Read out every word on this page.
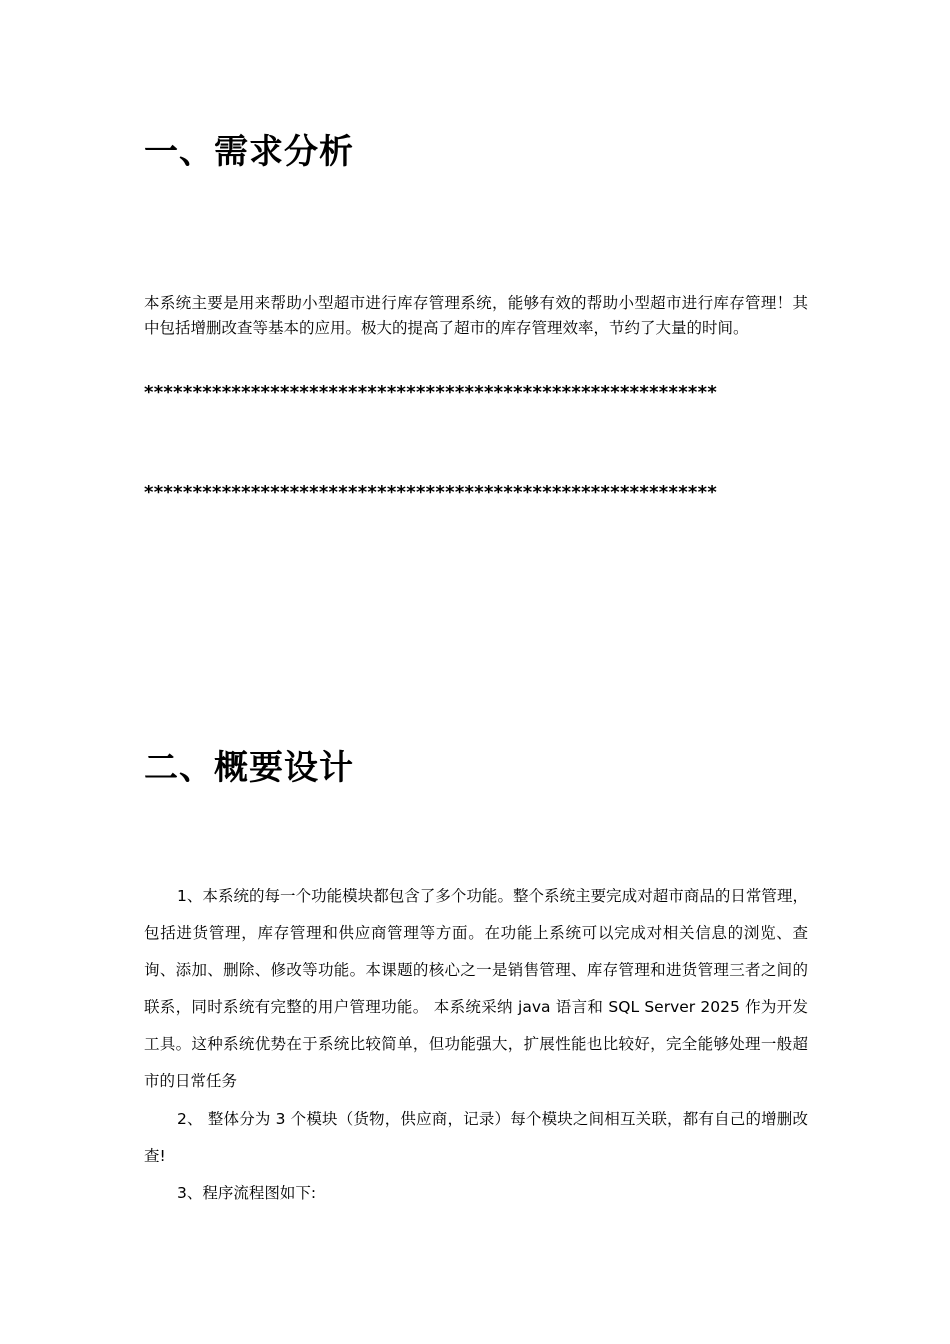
一、需求分析

本系统主要是用来帮助小型超市进行库存管理系统，能够有效的帮助小型超市进行库存管理！其中包括增删改查等基本的应用。极大的提高了超市的库存管理效率，节约了大量的时间。

***********************************************************

***********************************************************

二、概要设计

1、本系统的每一个功能模块都包含了多个功能。整个系统主要完成对超市商品的日常管理，包括进货管理，库存管理和供应商管理等方面。在功能上系统可以完成对相关信息的浏览、查询、添加、删除、修改等功能。本课题的核心之一是销售管理、库存管理和进货管理三者之间的联系，同时系统有完整的用户管理功能。 本系统采纳 java 语言和 SQL Server 2025 作为开发工具。这种系统优势在于系统比较简单，但功能强大，扩展性能也比较好，完全能够处理一般超市的日常任务

2、 整体分为 3 个模块（货物，供应商，记录）每个模块之间相互关联，都有自己的增删改查!

3、程序流程图如下:
